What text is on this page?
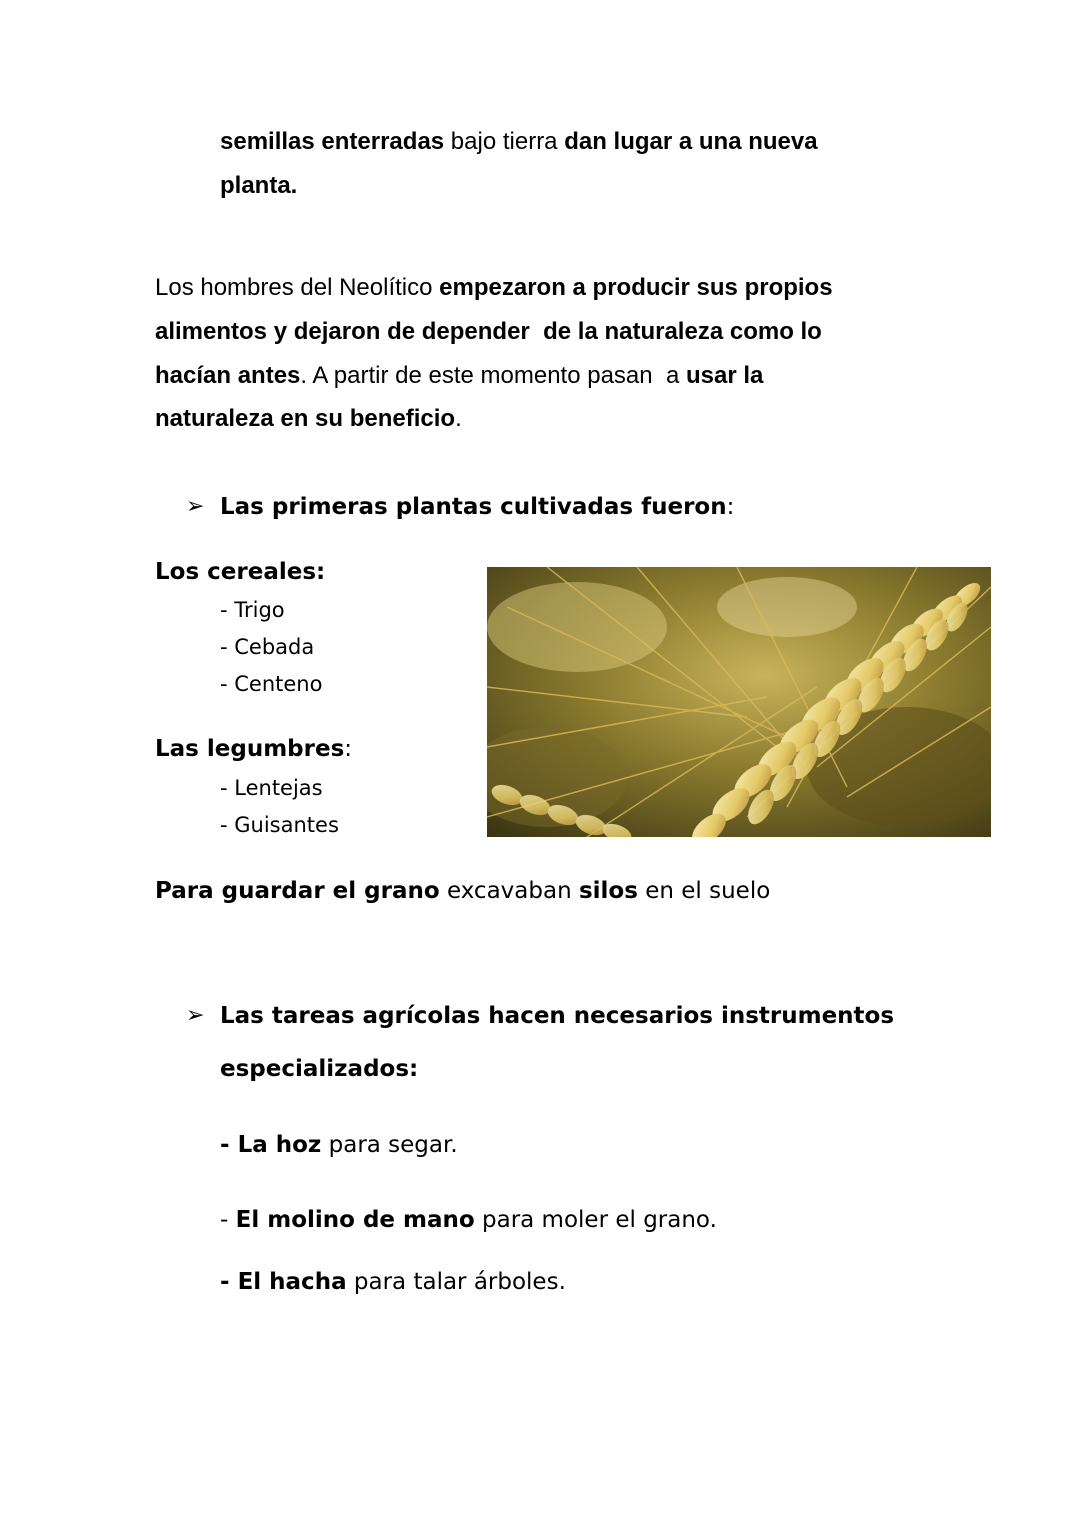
semillas enterradas bajo tierra dan lugar a una nueva

planta.

Los hombres del Neolítico empezaron a producir sus propios

alimentos y dejaron de depender  de la naturaleza como lo

hacían antes. A partir de este momento pasan  a usar la

naturaleza en su beneficio.

➢ Las primeras plantas cultivadas fueron:

Los cereales:

- Trigo

- Cebada

- Centeno

Las legumbres:

- Lentejas

- Guisantes

Para guardar el grano excavaban silos en el suelo

➢ Las tareas agrícolas hacen necesarios instrumentos

especializados:

- La hoz para segar.

- El molino de mano para moler el grano.

- El hacha para talar árboles.
